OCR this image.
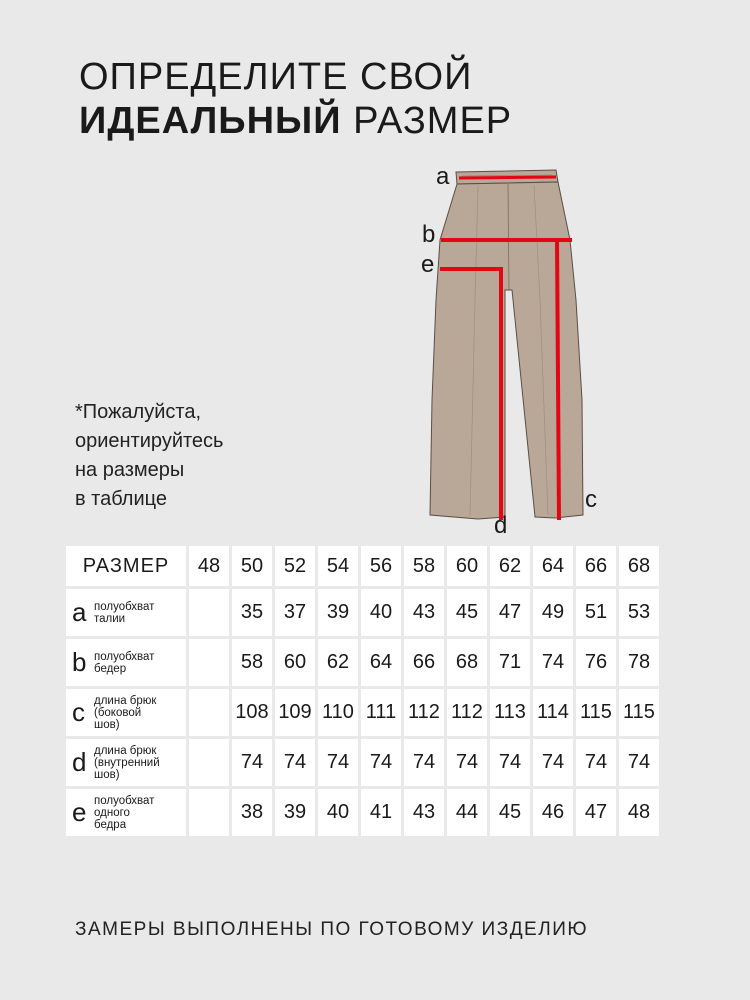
ОПРЕДЕЛИТЕ СВОЙ
ИДЕАЛЬНЫЙ РАЗМЕР
*Пожалуйста,
ориентируйтесь
на размеры
в таблице
a
b
e
c
d
РАЗМЕР	48	50	52	54	56	58	60	62	64	66	68

a полуобхват
талии		35	37	39	40	43	45	47	49	51	53

b полуобхват
бедер		58	60	62	64	66	68	71	74	76	78

c длина брюк
(боковой
шов)		108	109	110	111	112	112	113	114	115	115

d длина брюк
(внутренний
шов)		74	74	74	74	74	74	74	74	74	74

e полуобхват
одного
бедра		38	39	40	41	43	44	45	46	47	48
ЗАМЕРЫ ВЫПОЛНЕНЫ ПО ГОТОВОМУ ИЗДЕЛИЮ
